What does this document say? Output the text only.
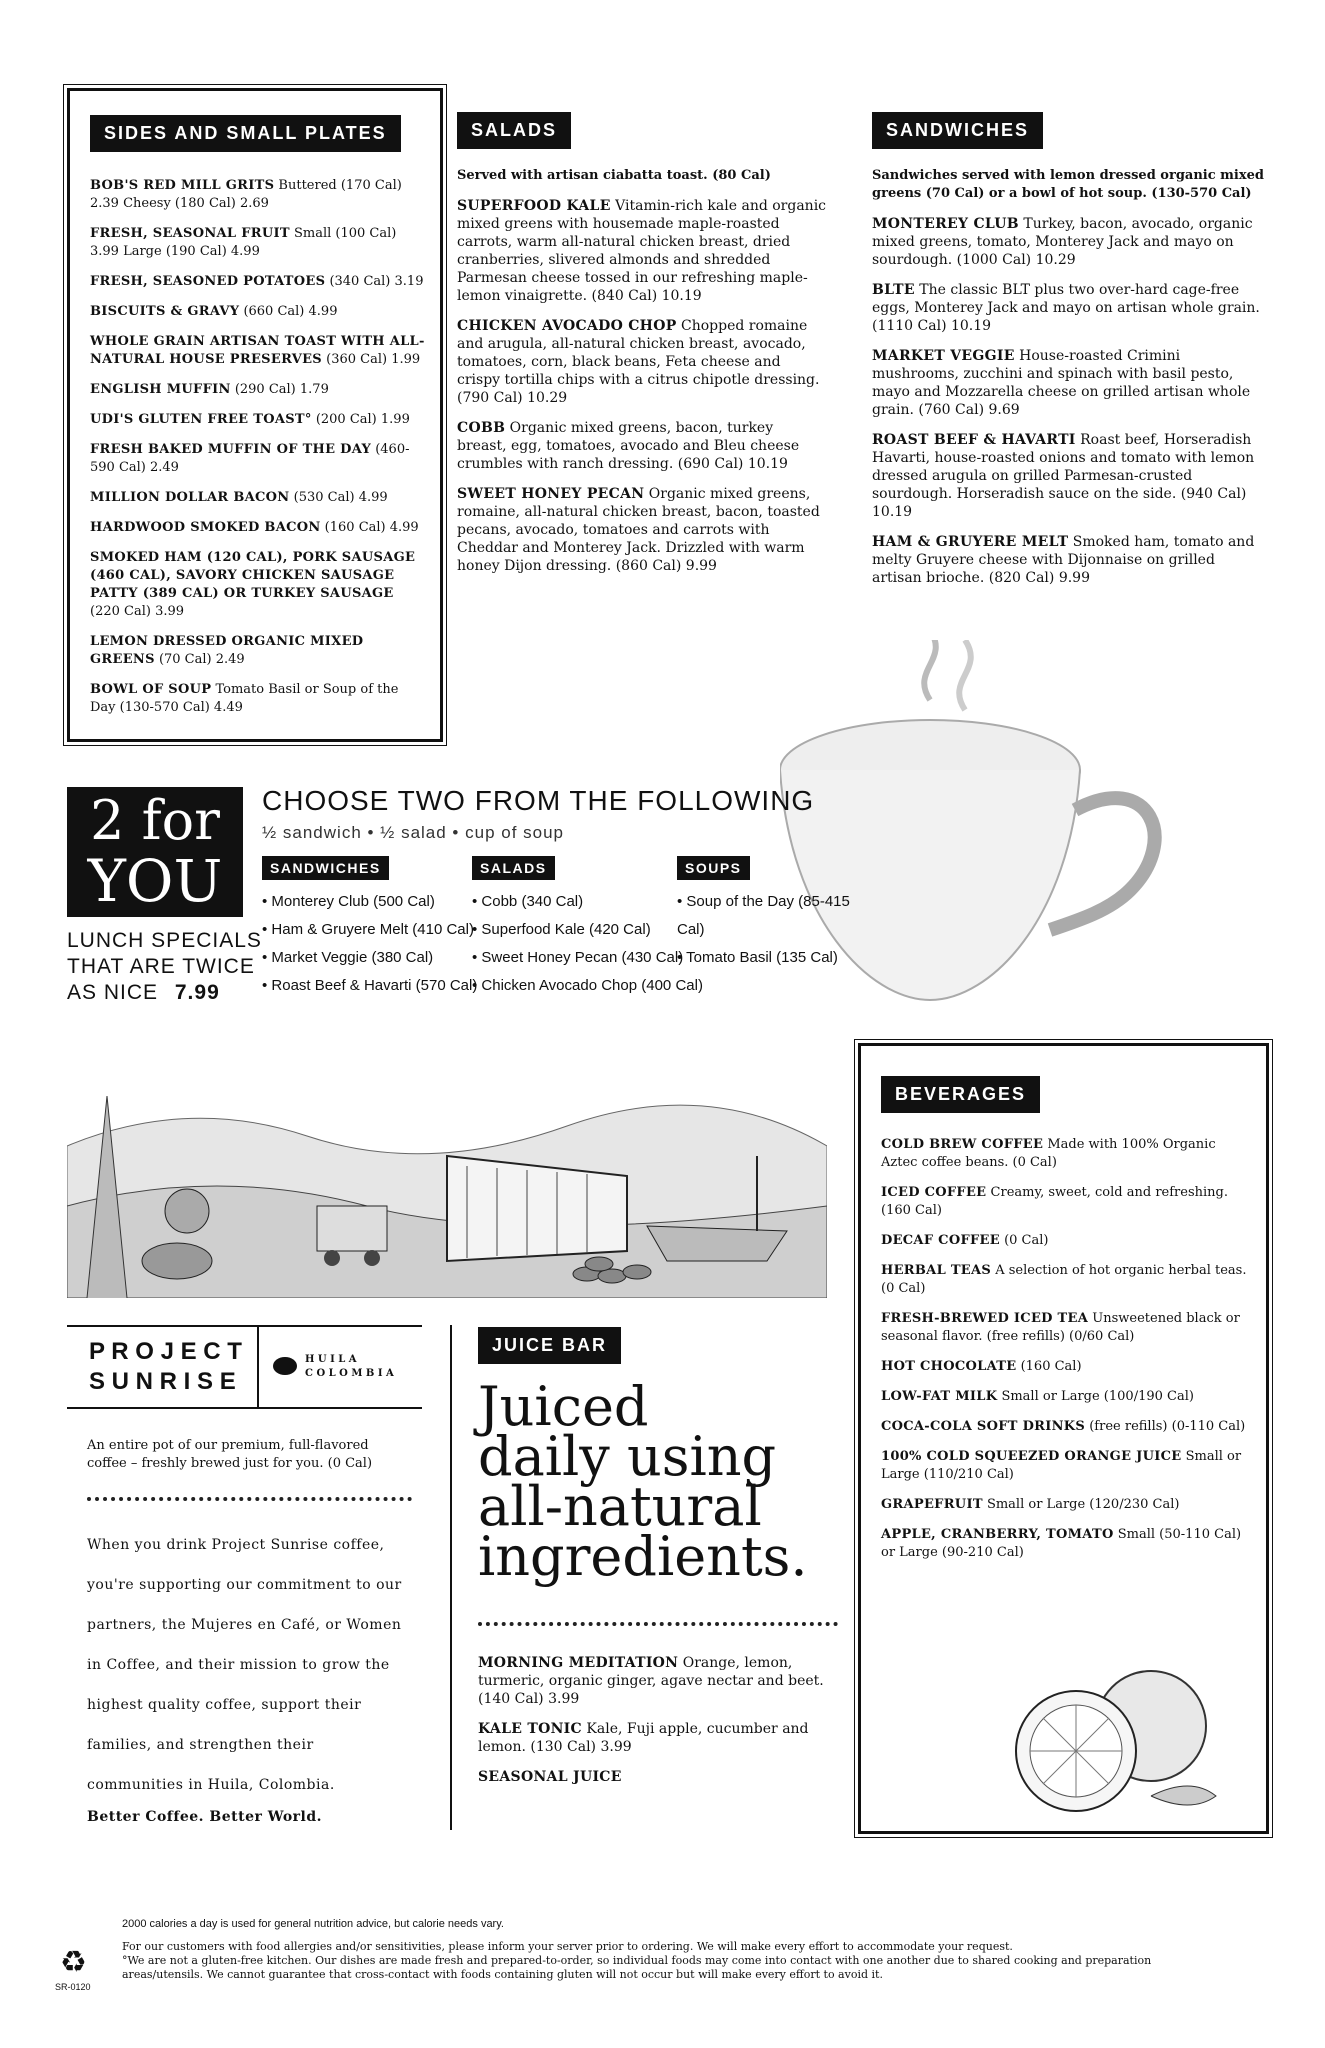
SIDES AND SMALL PLATES
BOB'S RED MILL GRITS Buttered (170 Cal) 2.39 Cheesy (180 Cal) 2.69
FRESH, SEASONAL FRUIT Small (100 Cal) 3.99 Large (190 Cal) 4.99
FRESH, SEASONED POTATOES (340 Cal) 3.19
BISCUITS & GRAVY (660 Cal) 4.99
WHOLE GRAIN ARTISAN TOAST WITH ALL-NATURAL HOUSE PRESERVES (360 Cal) 1.99
ENGLISH MUFFIN (290 Cal) 1.79
UDI'S GLUTEN FREE TOAST° (200 Cal) 1.99
FRESH BAKED MUFFIN OF THE DAY (460-590 Cal) 2.49
MILLION DOLLAR BACON (530 Cal) 4.99
HARDWOOD SMOKED BACON (160 Cal) 4.99
SMOKED HAM (120 CAL), PORK SAUSAGE (460 CAL), SAVORY CHICKEN SAUSAGE PATTY (389 CAL) OR TURKEY SAUSAGE (220 Cal) 3.99
LEMON DRESSED ORGANIC MIXED GREENS (70 Cal) 2.49
BOWL OF SOUP Tomato Basil or Soup of the Day (130-570 Cal) 4.49
SALADS
Served with artisan ciabatta toast. (80 Cal)
SUPERFOOD KALE Vitamin-rich kale and organic mixed greens with housemade maple-roasted carrots, warm all-natural chicken breast, dried cranberries, slivered almonds and shredded Parmesan cheese tossed in our refreshing maple-lemon vinaigrette. (840 Cal) 10.19
CHICKEN AVOCADO CHOP Chopped romaine and arugula, all-natural chicken breast, avocado, tomatoes, corn, black beans, Feta cheese and crispy tortilla chips with a citrus chipotle dressing. (790 Cal) 10.29
COBB Organic mixed greens, bacon, turkey breast, egg, tomatoes, avocado and Bleu cheese crumbles with ranch dressing. (690 Cal) 10.19
SWEET HONEY PECAN Organic mixed greens, romaine, all-natural chicken breast, bacon, toasted pecans, avocado, tomatoes and carrots with Cheddar and Monterey Jack. Drizzled with warm honey Dijon dressing. (860 Cal) 9.99
SANDWICHES
Sandwiches served with lemon dressed organic mixed greens (70 Cal) or a bowl of hot soup. (130-570 Cal)
MONTEREY CLUB Turkey, bacon, avocado, organic mixed greens, tomato, Monterey Jack and mayo on sourdough. (1000 Cal) 10.29
BLTE The classic BLT plus two over-hard cage-free eggs, Monterey Jack and mayo on artisan whole grain. (1110 Cal) 10.19
MARKET VEGGIE House-roasted Crimini mushrooms, zucchini and spinach with basil pesto, mayo and Mozzarella cheese on grilled artisan whole grain. (760 Cal) 9.69
ROAST BEEF & HAVARTI Roast beef, Horseradish Havarti, house-roasted onions and tomato with lemon dressed arugula on grilled Parmesan-crusted sourdough. Horseradish sauce on the side. (940 Cal) 10.19
HAM & GRUYERE MELT Smoked ham, tomato and melty Gruyere cheese with Dijonnaise on grilled artisan brioche. (820 Cal) 9.99
2 for
YOU
LUNCH SPECIALS
THAT ARE TWICE
AS NICE 7.99
CHOOSE TWO FROM THE FOLLOWING
½ sandwich • ½ salad • cup of soup
SANDWICHES
• Monterey Club (500 Cal)
• Ham & Gruyere Melt (410 Cal)
• Market Veggie (380 Cal)
• Roast Beef & Havarti (570 Cal)
SALADS
• Cobb (340 Cal)
• Superfood Kale (420 Cal)
• Sweet Honey Pecan (430 Cal)
• Chicken Avocado Chop (400 Cal)
SOUPS
• Soup of the Day (85-415 Cal)
• Tomato Basil (135 Cal)
P R O J E C T
S U N R I S E
H U I L A
C O L O M B I A
An entire pot of our premium, full-flavored coffee – freshly brewed just for you. (0 Cal)
When you drink Project Sunrise coffee, you're supporting our commitment to our partners, the Mujeres en Café, or Women in Coffee, and their mission to grow the highest quality coffee, support their families, and strengthen their communities in Huila, Colombia.
Better Coffee. Better World.
JUICE BAR
Juiced
daily using
all-natural
ingredients.
MORNING MEDITATION Orange, lemon, turmeric, organic ginger, agave nectar and beet. (140 Cal) 3.99
KALE TONIC Kale, Fuji apple, cucumber and lemon. (130 Cal) 3.99
SEASONAL JUICE
BEVERAGES
COLD BREW COFFEE Made with 100% Organic Aztec coffee beans. (0 Cal)
ICED COFFEE Creamy, sweet, cold and refreshing. (160 Cal)
DECAF COFFEE (0 Cal)
HERBAL TEAS A selection of hot organic herbal teas. (0 Cal)
FRESH-BREWED ICED TEA Unsweetened black or seasonal flavor. (free refills) (0/60 Cal)
HOT CHOCOLATE (160 Cal)
LOW-FAT MILK Small or Large (100/190 Cal)
COCA-COLA SOFT DRINKS (free refills) (0-110 Cal)
100% COLD SQUEEZED ORANGE JUICE Small or Large (110/210 Cal)
GRAPEFRUIT Small or Large (120/230 Cal)
APPLE, CRANBERRY, TOMATO Small (50-110 Cal) or Large (90-210 Cal)
♻
SR-0120
2000 calories a day is used for general nutrition advice, but calorie needs vary.
For our customers with food allergies and/or sensitivities, please inform your server prior to ordering. We will make every effort to accommodate your request.
°We are not a gluten-free kitchen. Our dishes are made fresh and prepared-to-order, so individual foods may come into contact with one another due to shared cooking and preparation areas/utensils. We cannot guarantee that cross-contact with foods containing gluten will not occur but will make every effort to avoid it.
